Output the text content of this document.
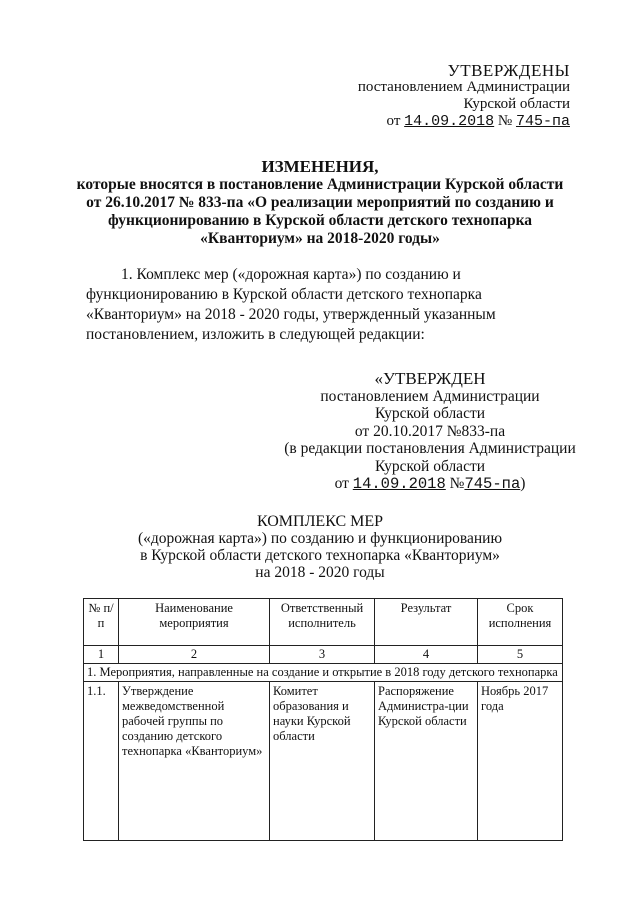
УТВЕРЖДЕНЫ
постановлением Администрации
Курской области
от 14.09.2018 № 745-па
ИЗМЕНЕНИЯ,
которые вносятся в постановление Администрации Курской области
от 26.10.2017 № 833-па «О реализации мероприятий по созданию и
функционированию в Курской области детского технопарка
«Кванториум» на 2018-2020 годы»
1. Комплекс мер («дорожная карта») по созданию и функционированию в Курской области детского технопарка «Кванториум» на 2018 - 2020 годы, утвержденный указанным постановлением, изложить в следующей редакции:
«УТВЕРЖДЕН
постановлением Администрации
Курской области
от 20.10.2017 №833-па
(в редакции постановления Администрации
Курской области
от 14.09.2018 №745-па)
КОМПЛЕКС МЕР
(«дорожная карта») по созданию и функционированию
в Курской области детского технопарка «Кванториум»
на 2018 - 2020 годы
№ п/п	Наименование мероприятия	Ответственный исполнитель	Результат	Срок исполнения
1	2	3	4	5
1. Мероприятия, направленные на создание и открытие в 2018 году детского технопарка				
1.1.	Утверждение межведомственной рабочей группы по созданию детского технопарка «Кванториум»	Комитет образования и науки Курской области	Распоряжение Администра-ции Курской области	Ноябрь 2017 года
